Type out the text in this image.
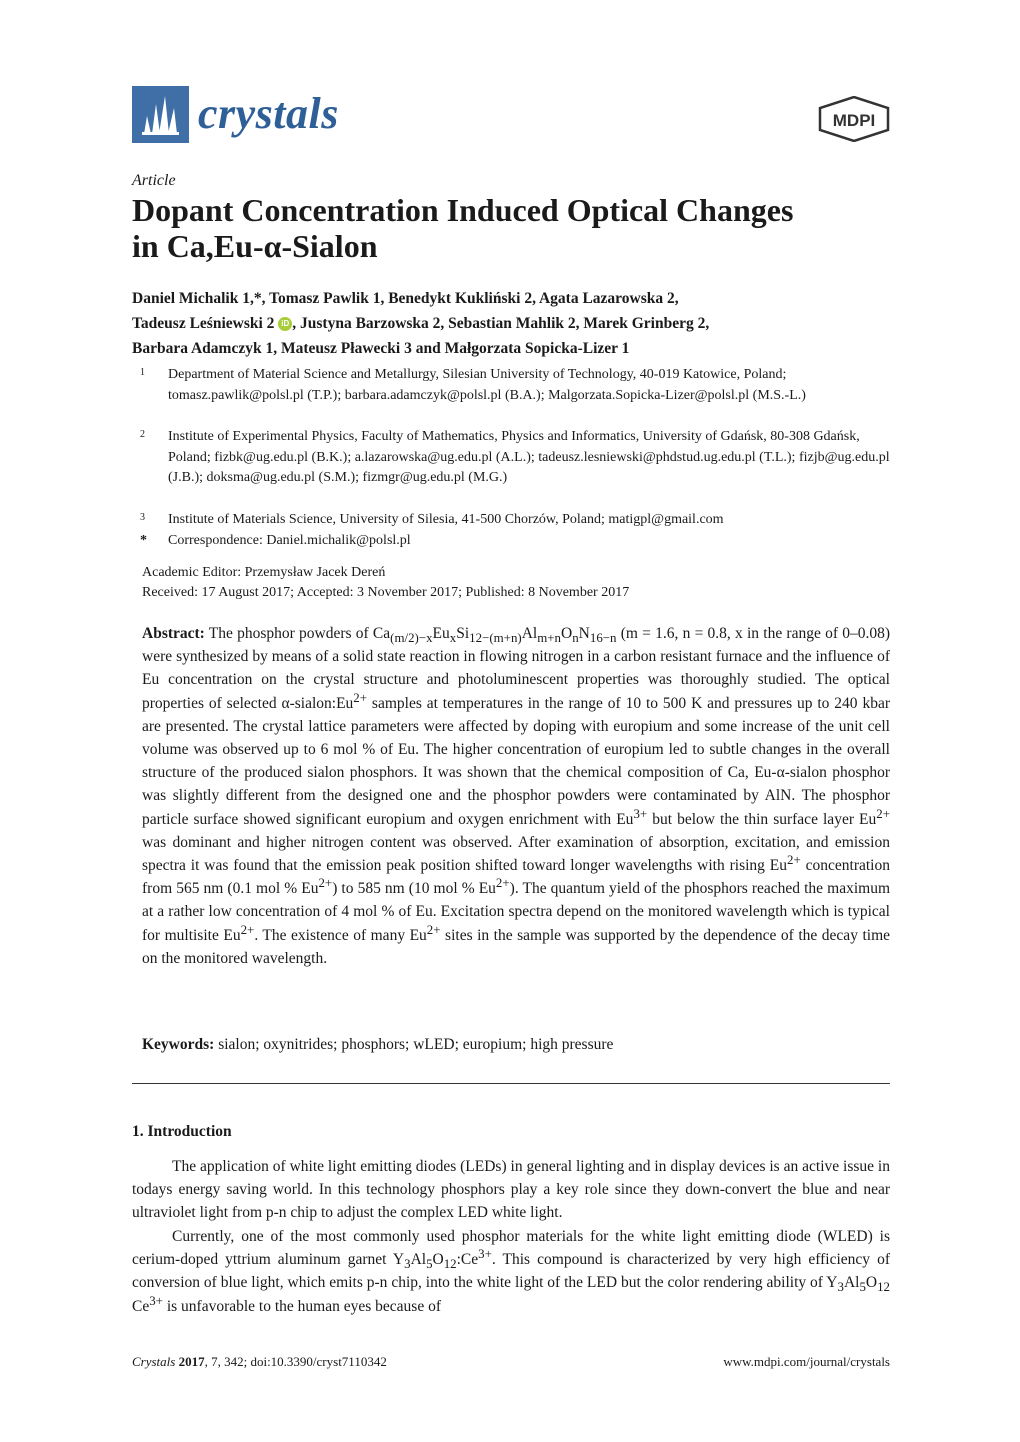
crystals	MDPI
Article
Dopant Concentration Induced Optical Changes
in Ca,Eu-α-Sialon
Daniel Michalik 1,*, Tomasz Pawlik 1, Benedykt Kukliński 2, Agata Lazarowska 2,
Tadeusz Leśniewski 2 iD , Justyna Barzowska 2, Sebastian Mahlik 2, Marek Grinberg 2,
Barbara Adamczyk 1, Mateusz Pławecki 3 and Małgorzata Sopicka-Lizer 1
1 Department of Material Science and Metallurgy, Silesian University of Technology, 40-019 Katowice, Poland; tomasz.pawlik@polsl.pl (T.P.); barbara.adamczyk@polsl.pl (B.A.); Malgorzata.Sopicka-Lizer@polsl.pl (M.S.-L.)
2 Institute of Experimental Physics, Faculty of Mathematics, Physics and Informatics, University of Gdańsk, 80-308 Gdańsk, Poland; fizbk@ug.edu.pl (B.K.); a.lazarowska@ug.edu.pl (A.L.); tadeusz.lesniewski@phdstud.ug.edu.pl (T.L.); fizjb@ug.edu.pl (J.B.); doksma@ug.edu.pl (S.M.); fizmgr@ug.edu.pl (M.G.)
3 Institute of Materials Science, University of Silesia, 41-500 Chorzów, Poland; matigpl@gmail.com
* Correspondence: Daniel.michalik@polsl.pl
Academic Editor: Przemysław Jacek Dereń
Received: 17 August 2017; Accepted: 3 November 2017; Published: 8 November 2017
Abstract: The phosphor powders of $Ca_{(m/2)-x}Eu_xSi_{12-(m+n)}Al_{m+n}O_nN_{16-n}$ (m = 1.6, n = 0.8, x in the range of 0–0.08) were synthesized by means of a solid state reaction in flowing nitrogen in a carbon resistant furnace and the influence of Eu concentration on the crystal structure and photoluminescent properties was thoroughly studied. The optical properties of selected $\alpha-sialon:Eu^{2+}$ samples at temperatures in the range of 10 to 500 K and pressures up to 240 kbar are presented. The crystal lattice parameters were affected by doping with europium and some increase of the unit cell volume was observed up to 6 mol % of Eu. The higher concentration of europium led to subtle changes in the overall structure of the produced sialon phosphors. It was shown that the chemical composition of Ca, Eu-α-sialon phosphor was slightly different from the designed one and the phosphor powders were contaminated by AlN. The phosphor particle surface showed significant europium and oxygen enrichment with $Eu^{3+}$ but below the thin surface layer $Eu^{2+}$ was dominant and higher nitrogen content was observed. After examination of absorption, excitation, and emission spectra it was found that the emission peak position shifted toward longer wavelengths with rising $Eu^{2+}$ concentration from 565 nm (0.1 mol % $Eu^{2+}$) to 585 nm (10 mol % $Eu^{2+}$). The quantum yield of the phosphors reached the maximum at a rather low concentration of 4 mol % of Eu. Excitation spectra depend on the monitored wavelength which is typical for multisite $Eu^{2+}$. The existence of many $Eu^{2+}$ sites in the sample was supported by the dependence of the decay time on the monitored wavelength.
Keywords: sialon; oxynitrides; phosphors; wLED; europium; high pressure
1. Introduction
The application of white light emitting diodes (LEDs) in general lighting and in display devices is an active issue in todays energy saving world. In this technology phosphors play a key role since they down-convert the blue and near ultraviolet light from p-n chip to adjust the complex LED white light.
Currently, one of the most commonly used phosphor materials for the white light emitting diode (WLED) is cerium-doped yttrium aluminum garnet $Y_3Al_5O_{12}:Ce^{3+}$. This compound is characterized by very high efficiency of conversion of blue light, which emits p-n chip, into the white light of the LED but the color rendering ability of $Y_3Al_5O_{12}$ $Ce^{3+}$ is unfavorable to the human eyes because of
Crystals 2017, 7, 342; doi:10.3390/cryst7110342	www.mdpi.com/journal/crystals
